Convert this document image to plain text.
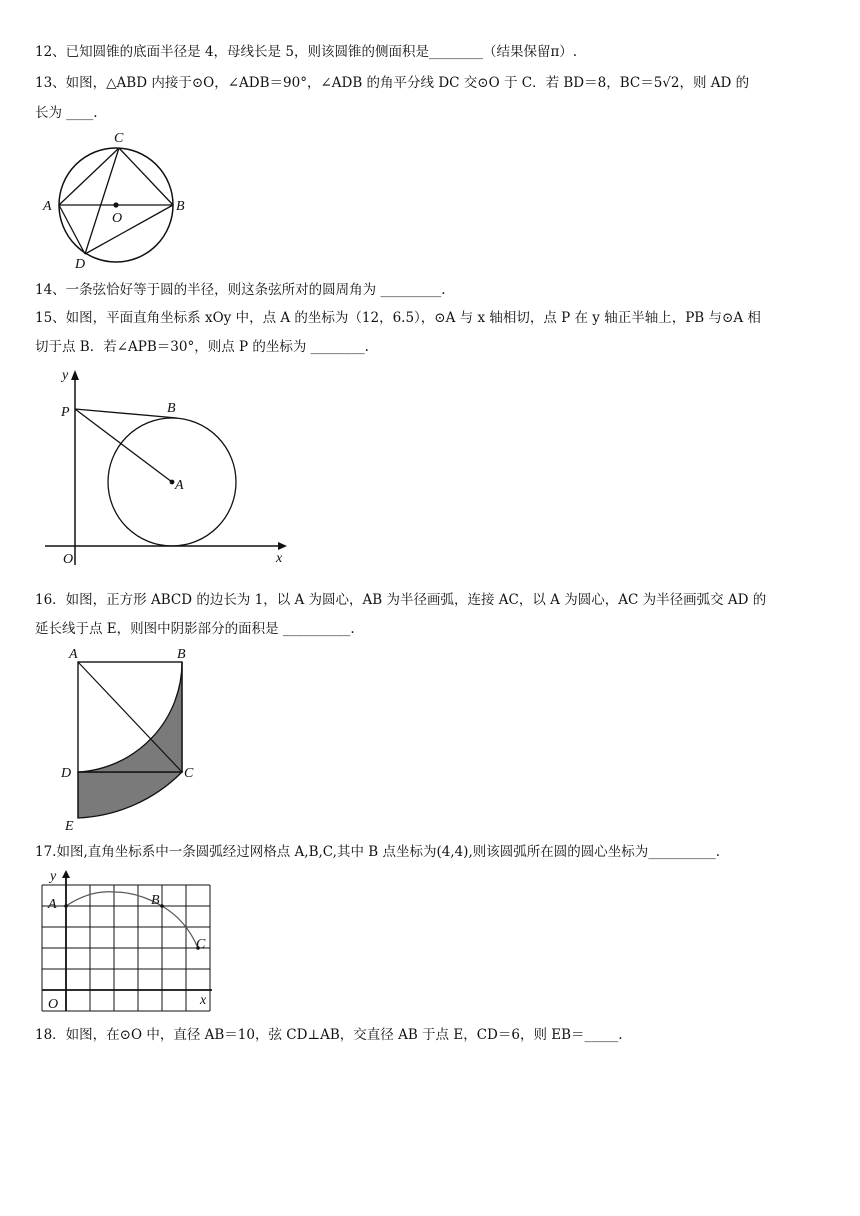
12、已知圆锥的底面半径是 4，母线长是 5，则该圆锥的侧面积是________（结果保留π）.
13、如图，△ABD 内接于⊙O，∠ADB＝90°，∠ADB 的角平分线 DC 交⊙O 于 C．若 BD＝8，BC＝5√2，则 AD 的
长为 ____.
A	B
C
D
O
14、一条弦恰好等于圆的半径，则这条弦所对的圆周角为 _________.
15、如图，平面直角坐标系 xOy 中，点 A 的坐标为（12，6.5），⊙A 与 x 轴相切，点 P 在 y 轴正半轴上，PB 与⊙A 相
切于点 B．若∠APB＝30°，则点 P 的坐标为 ________.
y
x
O
P	B
A
16．如图，正方形 ABCD 的边长为 1，以 A 为圆心，AB 为半径画弧，连接 AC，以 A 为圆心，AC 为半径画弧交 AD 的
延长线于点 E，则图中阴影部分的面积是 __________.
A	B
C
D
E
17.如图,直角坐标系中一条圆弧经过网格点 A,B,C,其中 B 点坐标为(4,4),则该圆弧所在圆的圆心坐标为__________.
y
x
O
A	B
C
18．如图，在⊙O 中，直径 AB＝10，弦 CD⊥AB，交直径 AB 于点 E，CD＝6，则 EB＝_____.
